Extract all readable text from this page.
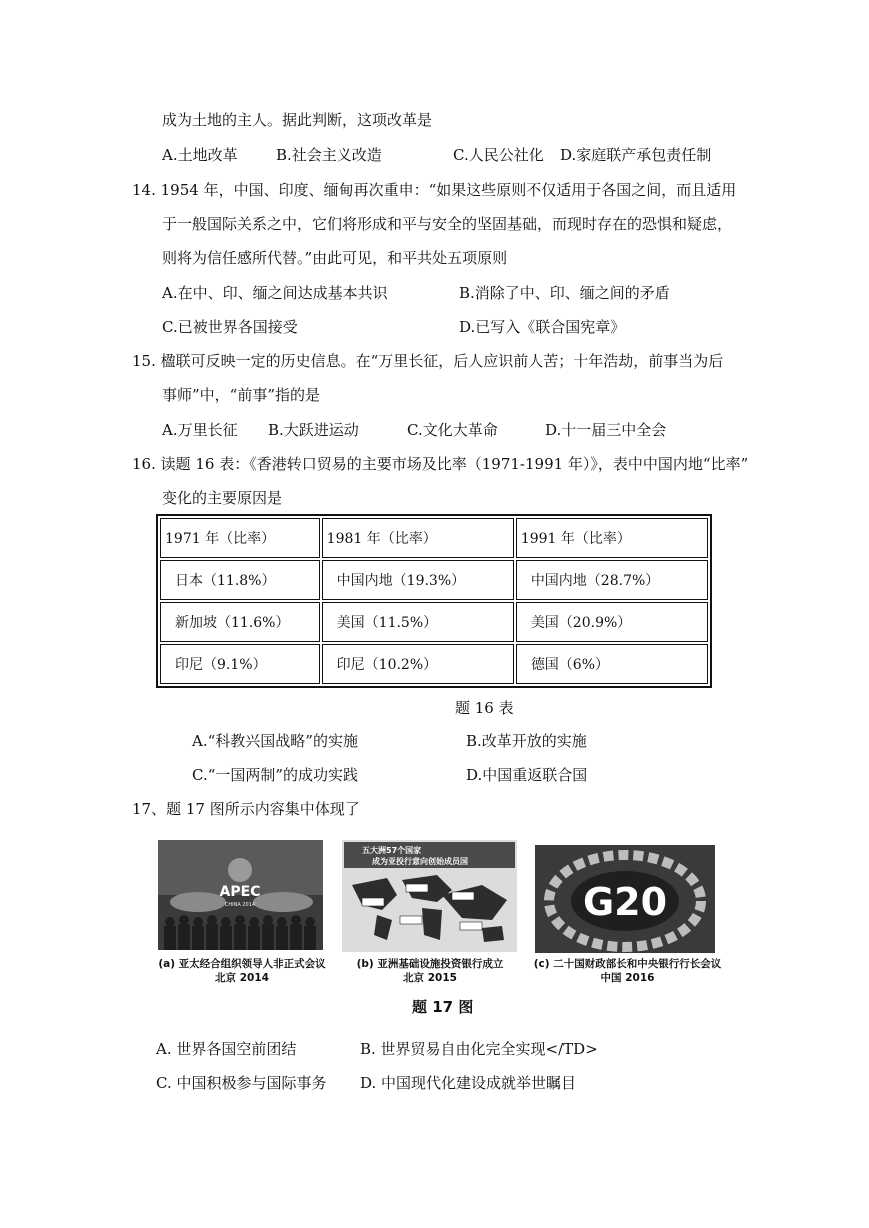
成为土地的主人。据此判断，这项改革是
A.土地改革	B.社会主义改造	C.人民公社化 D.家庭联产承包责任制
14. 1954 年，中国、印度、缅甸再次重申：“如果这些原则不仅适用于各国之间，而且适用
于一般国际关系之中，它们将形成和平与安全的坚固基础，而现时存在的恐惧和疑虑，
则将为信任感所代替。”由此可见，和平共处五项原则
A.在中、印、缅之间达成基本共识	B.消除了中、印、缅之间的矛盾
C.已被世界各国接受	D.已写入《联合国宪章》
15. 楹联可反映一定的历史信息。在“万里长征，后人应识前人苦；十年浩劫，前事当为后
事师”中，“前事”指的是
A.万里长征 B.大跃进运动	C.文化大革命	D.十一届三中全会
16. 读题 16 表：《香港转口贸易的主要市场及比率（1971-1991 年）》，表中中国内地“比率”
变化的主要原因是
1971 年（比率）	1981 年（比率）	1991 年（比率）
日本（11.8%）	中国内地（19.3%）	中国内地（28.7%）
新加坡（11.6%）	美国（11.5%）	美国（20.9%）
印尼（9.1%）	印尼（10.2%）	德国（6%）
题 16 表
A.“科教兴国战略”的实施	B.改革开放的实施
C.“一国两制”的成功实践	D.中国重返联合国
17、题 17 图所示内容集中体现了
APEC
CHINA 2014
(a) 亚太经合组织领导人非正式会议
北京 2014
五大洲57个国家
成为亚投行意向创始成员国
(b) 亚洲基础设施投资银行成立
北京 2015
G20
(c) 二十国财政部长和中央银行行长会议
中国 2016
题 17 图
A. 世界各国空前团结	B. 世界贸易自由化完全实现</TD>
C. 中国积极参与国际事务 D. 中国现代化建设成就举世瞩目
